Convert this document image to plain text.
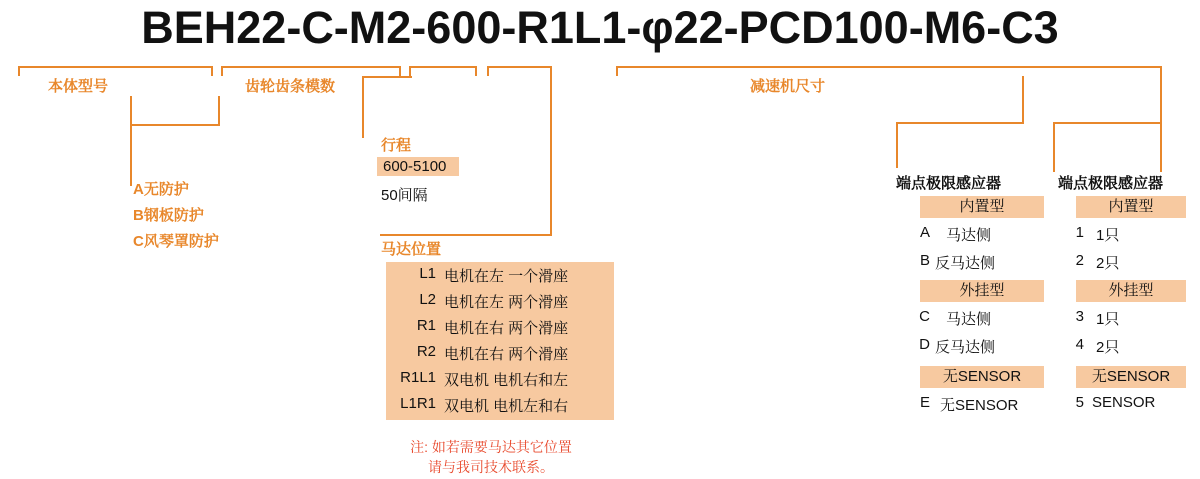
BEH22-C-M2-600-R1L1-φ22-PCD100-M6-C3
本体型号	齿轮齿条模数	减速机尺寸
A无防护
B钢板防护
C风琴罩防护
行程
600-5100
50间隔
马达位置
L1 电机在左 一个滑座
L2 电机在左 两个滑座
R1 电机在右 两个滑座
R2 电机在右 两个滑座
R1L1 双电机 电机右和左
L1R1 双电机 电机左和右
注: 如若需要马达其它位置
请与我司技术联系。
端点极限感应器
内置型
A 马达侧
B 反马达侧
外挂型
C 马达侧
D 反马达侧
无SENSOR
E 无SENSOR
端点极限感应器
内置型
1 1只
2 2只
外挂型
3 1只
4 2只
无SENSOR
5 SENSOR
